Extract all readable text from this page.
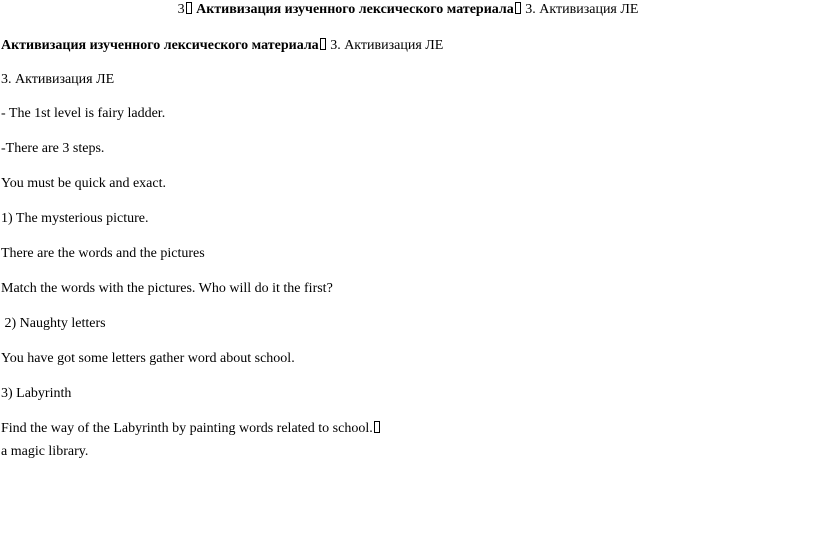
3 Активизация изученного лексического материала 3. Активизация ЛЕ
Активизация изученного лексического материала 3. Активизация ЛЕ
3. Активизация ЛЕ
- The 1st level is fairy ladder.
-There are 3 steps.
You must be quick and exact.
1) The mysterious picture.
There are the words and the pictures
Match the words with the pictures. Who will do it the first?
2) Naughty letters
You have got some letters gather word about school.
3) Labyrinth
Find the way of the Labyrinth by painting words related to school.
a magic library.
